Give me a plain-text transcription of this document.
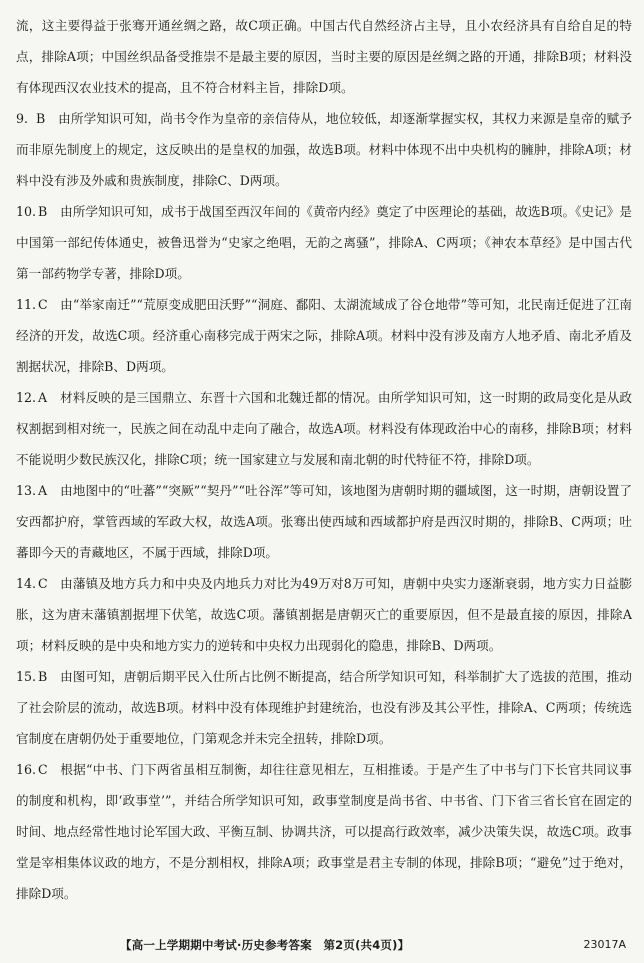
流，这主要得益于张骞开通丝绸之路，故C项正确。中国古代自然经济占主导，且小农经济具有自给自足的特点，排除A项；中国丝织品备受推崇不是最主要的原因，当时主要的原因是丝绸之路的开通，排除B项；材料没有体现西汉农业技术的提高，且不符合材料主旨，排除D项。

9. B 由所学知识可知，尚书令作为皇帝的亲信侍从，地位较低，却逐渐掌握实权，其权力来源是皇帝的赋予而非原先制度上的规定，这反映出的是皇权的加强，故选B项。材料中体现不出中央机构的臃肿，排除A项；材料中没有涉及外戚和贵族制度，排除C、D两项。
10. B 由所学知识可知，成书于战国至西汉年间的《黄帝内经》奠定了中医理论的基础，故选B项。《史记》是中国第一部纪传体通史，被鲁迅誉为“史家之绝唱，无韵之离骚”，排除A、C两项；《神农本草经》是中国古代第一部药物学专著，排除D项。
11. C 由“举家南迁”“荒原变成肥田沃野”“洞庭、鄱阳、太湖流域成了谷仓地带”等可知，北民南迁促进了江南经济的开发，故选C项。经济重心南移完成于两宋之际，排除A项。材料中没有涉及南方人地矛盾、南北矛盾及割据状况，排除B、D两项。
12. A 材料反映的是三国鼎立、东晋十六国和北魏迁都的情况。由所学知识可知，这一时期的政局变化是从政权割据到相对统一，民族之间在动乱中走向了融合，故选A项。材料没有体现政治中心的南移，排除B项；材料不能说明少数民族汉化，排除C项；统一国家建立与发展和南北朝的时代特征不符，排除D项。
13. A 由地图中的“吐蕃”“突厥”“契丹”“吐谷浑”等可知，该地图为唐朝时期的疆域图，这一时期，唐朝设置了安西都护府，掌管西域的军政大权，故选A项。张骞出使西域和西域都护府是西汉时期的，排除B、C两项；吐蕃即今天的青藏地区，不属于西域，排除D项。
14. C 由藩镇及地方兵力和中央及内地兵力对比为49万对8万可知，唐朝中央实力逐渐衰弱，地方实力日益膨胀，这为唐末藩镇割据埋下伏笔，故选C项。藩镇割据是唐朝灭亡的重要原因，但不是最直接的原因，排除A项；材料反映的是中央和地方实力的逆转和中央权力出现弱化的隐患，排除B、D两项。
15. B 由图可知，唐朝后期平民入仕所占比例不断提高，结合所学知识可知，科举制扩大了选拔的范围，推动了社会阶层的流动，故选B项。材料中没有体现维护封建统治，也没有涉及其公平性，排除A、C两项；传统选官制度在唐朝仍处于重要地位，门第观念并未完全扭转，排除D项。
16. C 根据“中书、门下两省虽相互制衡，却往往意见相左，互相推诿。于是产生了中书与门下长官共同议事的制度和机构，即‘政事堂’”，并结合所学知识可知，政事堂制度是尚书省、中书省、门下省三省长官在固定的时间、地点经常性地讨论军国大政、平衡互制、协调共济，可以提高行政效率，减少决策失误，故选C项。政事堂是宰相集体议政的地方，不是分割相权，排除A项；政事堂是君主专制的体现，排除B项；“避免”过于绝对，排除D项。
【高一上学期期中考试·历史参考答案　第2页(共4页)】	23017A
